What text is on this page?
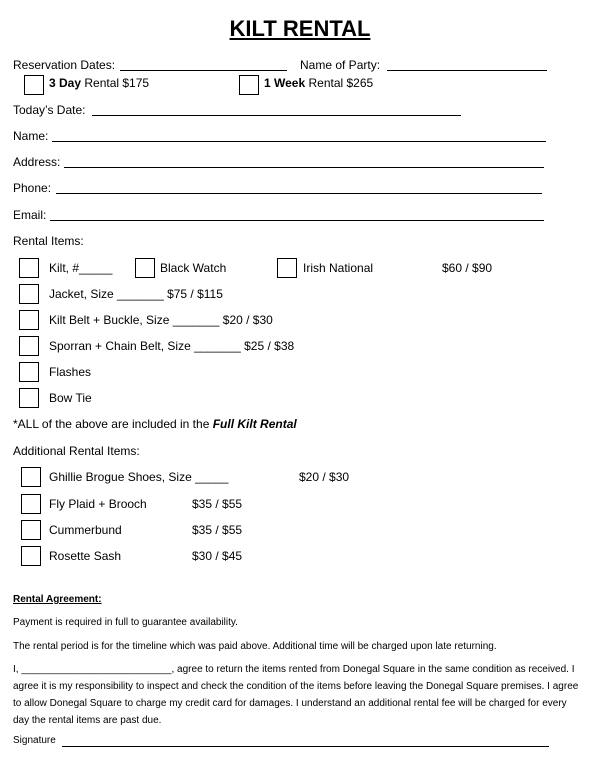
KILT RENTAL
Reservation Dates:	Name of Party:
3 Day Rental $175	1 Week Rental $265
Today’s Date:
Name:
Address:
Phone:
Email:
Rental Items:
Kilt, #_____	Black Watch	Irish National	$60 / $90
Jacket, Size _______ $75 / $115
Kilt Belt + Buckle, Size _______ $20 / $30
Sporran + Chain Belt, Size _______ $25 / $38
Flashes
Bow Tie
*ALL of the above are included in the Full Kilt Rental
Additional Rental Items:
Ghillie Brogue Shoes, Size _____	$20 / $30
Fly Plaid + Brooch	$35 / $55
Cummerbund	$35 / $55
Rosette Sash	$30 / $45
Rental Agreement:
Payment is required in full to guarantee availability.
The rental period is for the timeline which was paid above. Additional time will be charged upon late returning.
I, ___________________________, agree to return the items rented from Donegal Square in the same condition as received. I agree it is my responsibility to inspect and check the condition of the items before leaving the Donegal Square premises. I agree to allow Donegal Square to charge my credit card for damages. I understand an additional rental fee will be charged for every day the rental items are past due.
Signature
